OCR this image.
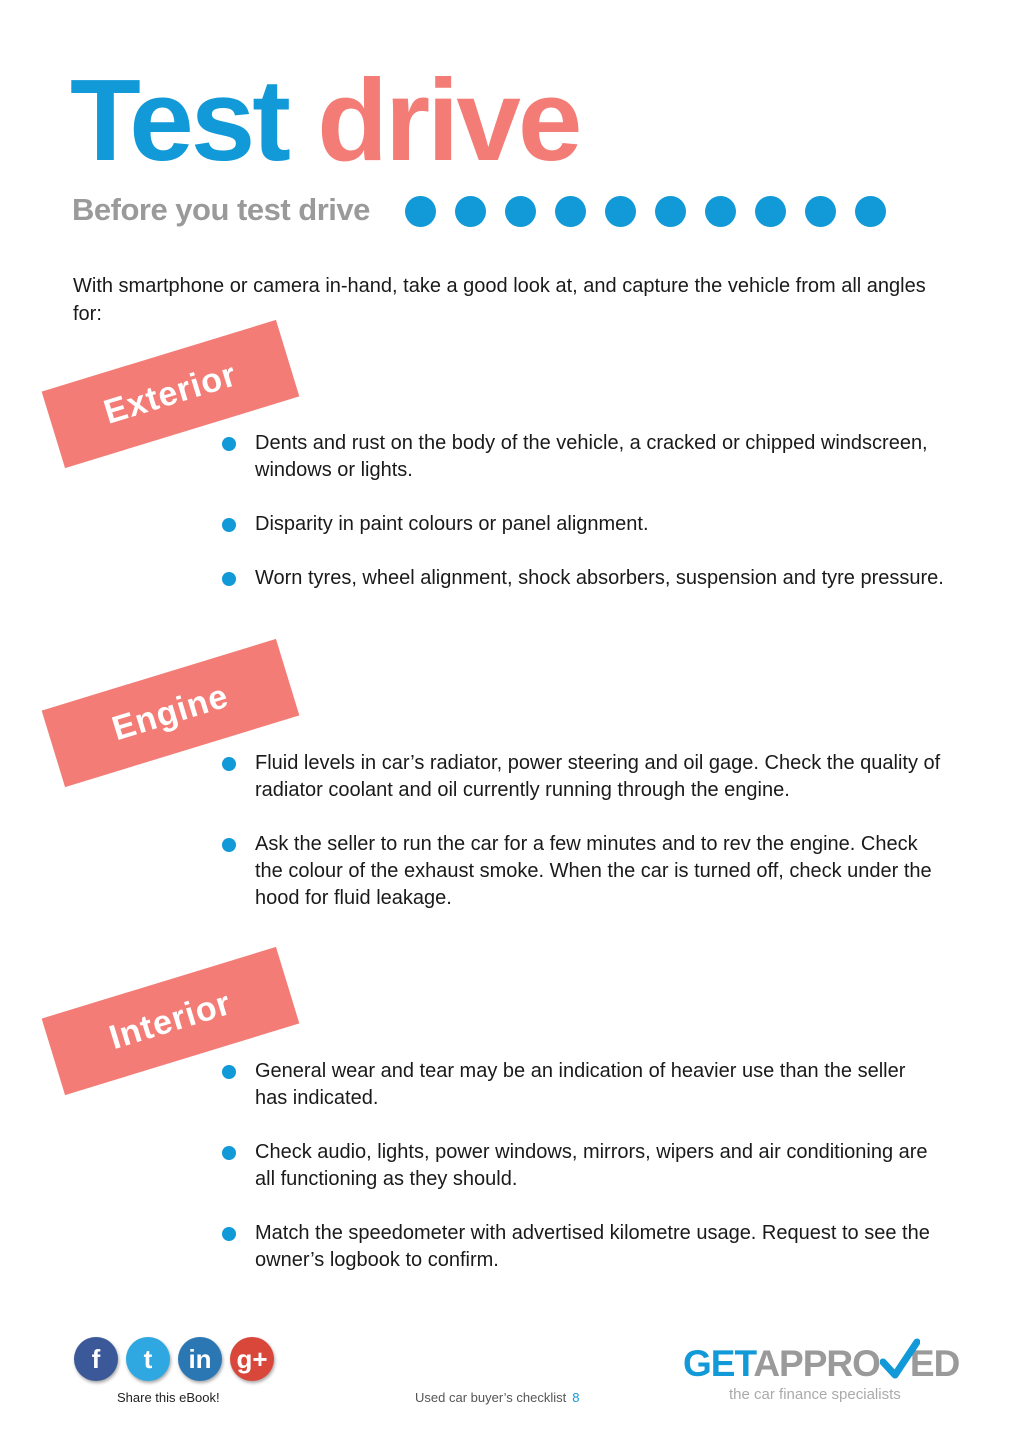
Test drive
Before you test drive
With smartphone or camera in-hand, take a good look at, and capture the vehicle from all angles for:
Exterior
Dents and rust on the body of the vehicle, a cracked or chipped windscreen, windows or lights.
Disparity in paint colours or panel alignment.
Worn tyres, wheel alignment, shock absorbers, suspension and tyre pressure.
Engine
Fluid levels in car’s radiator, power steering and oil gage. Check the quality of radiator coolant and oil currently running through the engine.
Ask the seller to run the car for a few minutes and to rev the engine. Check the colour of the exhaust smoke. When the car is turned off, check under the hood for fluid leakage.
Interior
General wear and tear may be an indication of heavier use than the seller has indicated.
Check audio, lights, power windows, mirrors, wipers and air conditioning are all functioning as they should.
Match the speedometer with advertised kilometre usage. Request to see the owner’s logbook to confirm.
f	t	in g+
Share this eBook!	Used car buyer’s checklist 8
GETAPPRO ED
the car finance specialists
